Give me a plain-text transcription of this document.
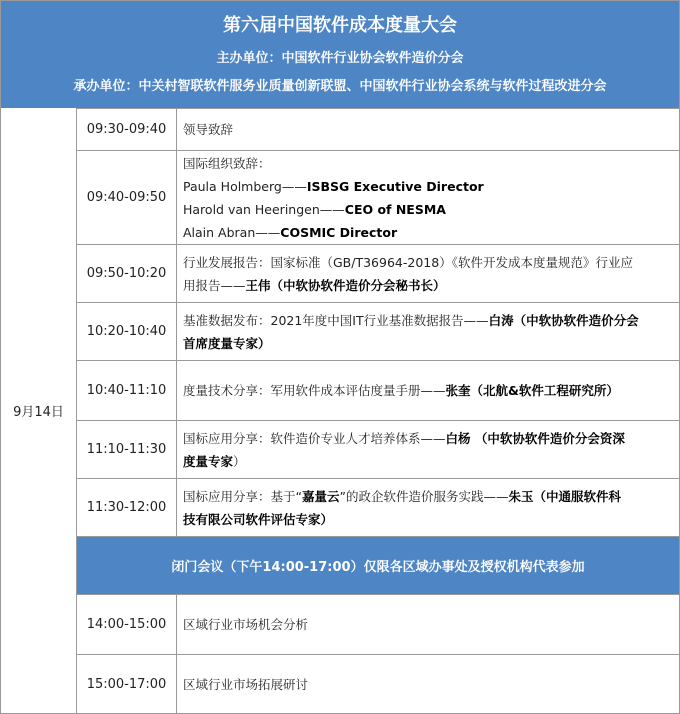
第六届中国软件成本度量大会
主办单位：中国软件行业协会软件造价分会
承办单位：中关村智联软件服务业质量创新联盟、中国软件行业协会系统与软件过程改进分会
9月14日
09:30-09:40	领导致辞
09:40-09:50
国际组织致辞：
Paula Holmberg——ISBSG Executive Director
Harold van Heeringen——CEO of NESMA
Alain Abran——COSMIC Director
09:50-10:20
行业发展报告：国家标准（GB/T36964-2018）《软件开发成本度量规范》行业应
用报告——王伟（中软协软件造价分会秘书长）
10:20-10:40
基准数据发布：2021年度中国IT行业基准数据报告——白涛（中软协软件造价分会
首席度量专家）
10:40-11:10	度量技术分享：军用软件成本评估度量手册——张奎（北航&软件工程研究所）
11:10-11:30
国标应用分享：软件造价专业人才培养体系——白杨 （中软协软件造价分会资深
度量专家）
11:30-12:00
国标应用分享：基于“嘉量云”的政企软件造价服务实践——朱玉（中通服软件科
技有限公司软件评估专家）
闭门会议（下午14:00-17:00）仅限各区域办事处及授权机构代表参加
14:00-15:00	区域行业市场机会分析
15:00-17:00	区域行业市场拓展研讨
